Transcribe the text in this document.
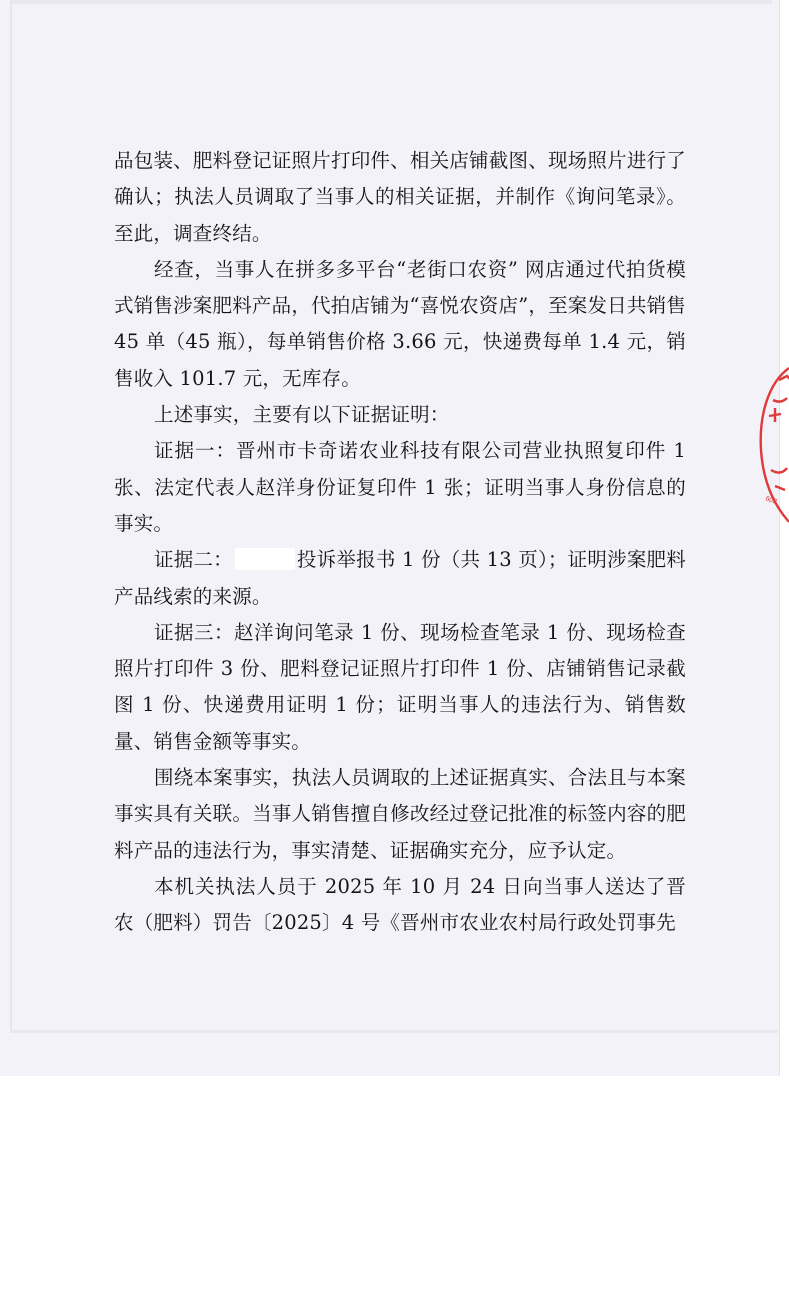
品包装、肥料登记证照片打印件、相关店铺截图、现场照片进行了确认；执法人员调取了当事人的相关证据，并制作《询问笔录》。至此，调查终结。

经查，当事人在拼多多平台“老街口农资” 网店通过代拍货模式销售涉案肥料产品，代拍店铺为“喜悦农资店”，至案发日共销售 45 单（45 瓶），每单销售价格 3.66 元，快递费每单 1.4 元，销售收入 101.7 元，无库存。

上述事实，主要有以下证据证明：

证据一：晋州市卡奇诺农业科技有限公司营业执照复印件 1 张、法定代表人赵洋身份证复印件 1 张；证明当事人身份信息的事实。

证据二：	投诉举报书 1 份（共 13 页）；证明涉案肥料产品线索的来源。

证据三：赵洋询问笔录 1 份、现场检查笔录 1 份、现场检查照片打印件 3 份、肥料登记证照片打印件 1 份、店铺销售记录截图 1 份、快递费用证明 1 份；证明当事人的违法行为、销售数量、销售金额等事实。

围绕本案事实，执法人员调取的上述证据真实、合法且与本案事实具有关联。当事人销售擅自修改经过登记批准的标签内容的肥料产品的违法行为，事实清楚、证据确实充分，应予认定。

本机关执法人员于 2025 年 10 月 24 日向当事人送达了晋农（肥料）罚告〔2025〕4 号《晋州市农业农村局行政处罚事先

602
